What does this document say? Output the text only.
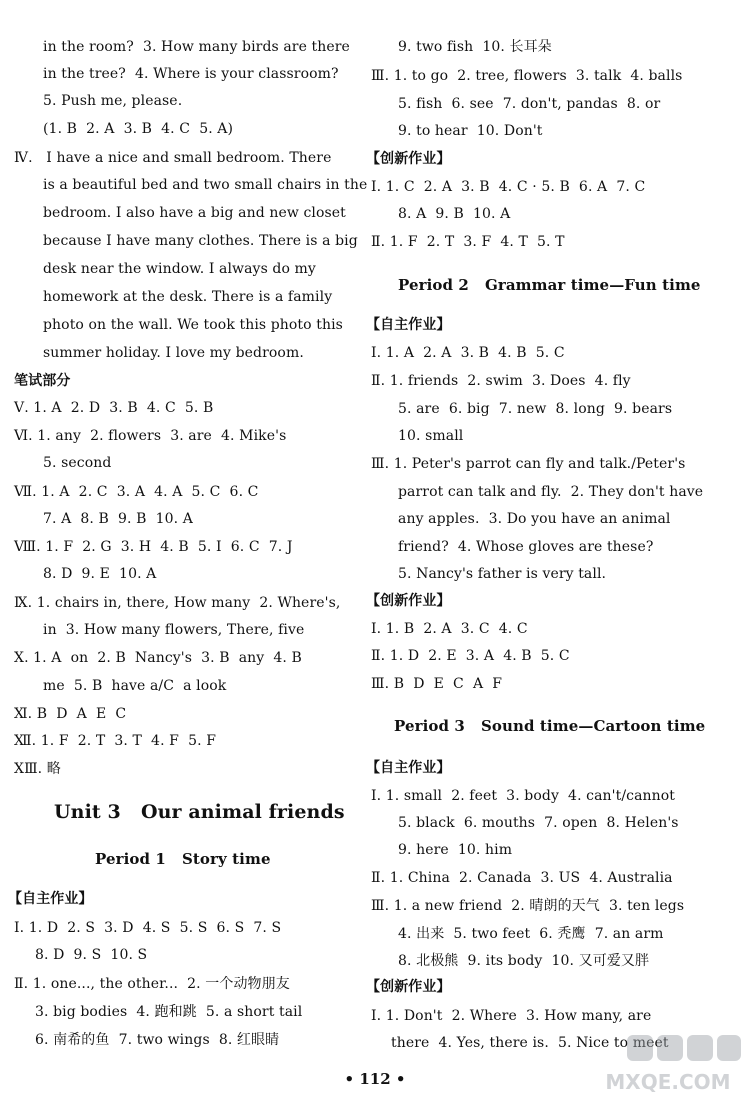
in the room?  3. How many birds are there
in the tree?  4. Where is your classroom?
5. Push me, please.
(1. B  2. A  3. B  4. C  5. A)
Ⅳ.   I have a nice and small bedroom. There
is a beautiful bed and two small chairs in the
bedroom. I also have a big and new closet
because I have many clothes. There is a big
desk near the window. I always do my
homework at the desk. There is a family
photo on the wall. We took this photo this
summer holiday. I love my bedroom.
笔试部分
Ⅴ. 1. A  2. D  3. B  4. C  5. B
Ⅵ. 1. any  2. flowers  3. are  4. Mike's
5. second
Ⅶ. 1. A  2. C  3. A  4. A  5. C  6. C
7. A  8. B  9. B  10. A
Ⅷ. 1. F  2. G  3. H  4. B  5. I  6. C  7. J
8. D  9. E  10. A
Ⅸ. 1. chairs in, there, How many  2. Where's,
in  3. How many flowers, There, five
Ⅹ. 1. A  on  2. B  Nancy's  3. B  any  4. B
me  5. B  have a/C  a look
Ⅺ. B  D  A  E  C
Ⅻ. 1. F  2. T  3. T  4. F  5. F
ⅩⅢ. 略
Unit 3   Our animal friends
Period 1   Story time
【自主作业】
Ⅰ. 1. D  2. S  3. D  4. S  5. S  6. S  7. S
8. D  9. S  10. S
Ⅱ. 1. one..., the other...  2. 一个动物朋友
3. big bodies  4. 跑和跳  5. a short tail
6. 南希的鱼  7. two wings  8. 红眼睛
9. two fish  10. 长耳朵
Ⅲ. 1. to go  2. tree, flowers  3. talk  4. balls
5. fish  6. see  7. don't, pandas  8. or
9. to hear  10. Don't
【创新作业】
Ⅰ. 1. C  2. A  3. B  4. C · 5. B  6. A  7. C
8. A  9. B  10. A
Ⅱ. 1. F  2. T  3. F  4. T  5. T
Period 2   Grammar time—Fun time
【自主作业】
Ⅰ. 1. A  2. A  3. B  4. B  5. C
Ⅱ. 1. friends  2. swim  3. Does  4. fly
5. are  6. big  7. new  8. long  9. bears
10. small
Ⅲ. 1. Peter's parrot can fly and talk./Peter's
parrot can talk and fly.  2. They don't have
any apples.  3. Do you have an animal
friend?  4. Whose gloves are these?
5. Nancy's father is very tall.
【创新作业】
Ⅰ. 1. B  2. A  3. C  4. C
Ⅱ. 1. D  2. E  3. A  4. B  5. C
Ⅲ. B  D  E  C  A  F
Period 3   Sound time—Cartoon time
【自主作业】
Ⅰ. 1. small  2. feet  3. body  4. can't/cannot
5. black  6. mouths  7. open  8. Helen's
9. here  10. him
Ⅱ. 1. China  2. Canada  3. US  4. Australia
Ⅲ. 1. a new friend  2. 晴朗的天气  3. ten legs
4. 出来  5. two feet  6. 秃鹰  7. an arm
8. 北极熊  9. its body  10. 又可爱又胖
【创新作业】
Ⅰ. 1. Don't  2. Where  3. How many, are
there  4. Yes, there is.  5. Nice to meet
• 112 •	MXQE.COM
